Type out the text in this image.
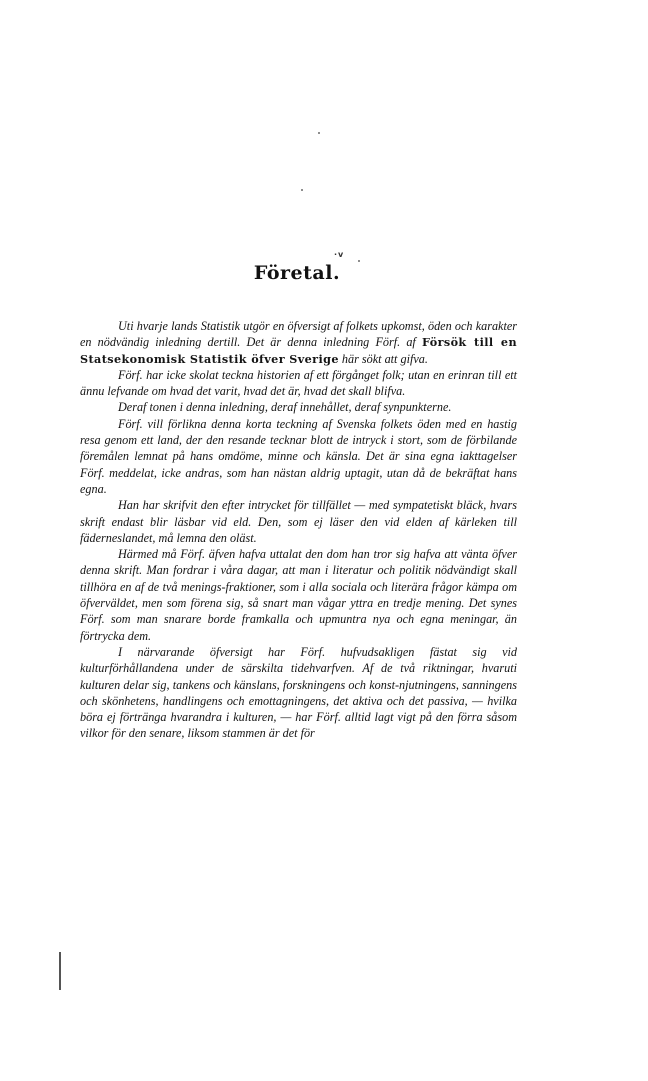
·v
Företal.

Uti hvarje lands Statistik utgör en öfversigt af folkets upkomst, öden och karakter en nödvändig inledning dertill. Det är denna inledning Förf. af Försök till en Statsekonomisk Statistik öfver Sverige här sökt att gifva.

Förf. har icke skolat teckna historien af ett förgånget folk; utan en erinran till ett ännu lefvande om hvad det varit, hvad det är, hvad det skall blifva.

Deraf tonen i denna inledning, deraf innehållet, deraf synpunkterne.

Förf. vill förlikna denna korta teckning af Svenska folkets öden med en hastig resa genom ett land, der den resande tecknar blott de intryck i stort, som de förbilande föremålen lemnat på hans omdöme, minne och känsla. Det är sina egna iakttagelser Förf. meddelat, icke andras, som han nästan aldrig uptagit, utan då de bekräftat hans egna.

Han har skrifvit den efter intrycket för tillfället — med sympatetiskt bläck, hvars skrift endast blir läsbar vid eld. Den, som ej läser den vid elden af kärleken till fäderneslandet, må lemna den oläst.

Härmed må Förf. äfven hafva uttalat den dom han tror sig hafva att vänta öfver denna skrift. Man fordrar i våra dagar, att man i literatur och politik nödvändigt skall tillhöra en af de två menings-fraktioner, som i alla sociala och literära frågor kämpa om öfverväldet, men som förena sig, så snart man vågar yttra en tredje mening. Det synes Förf. som man snarare borde framkalla och upmuntra nya och egna meningar, än förtrycka dem.

I närvarande öfversigt har Förf. hufvudsakligen fästat sig vid kulturförhållandena under de särskilta tidehvarfven. Af de två riktningar, hvaruti kulturen delar sig, tankens och känslans, forskningens och konst-njutningens, sanningens och skönhetens, handlingens och emottagningens, det aktiva och det passiva, — hvilka böra ej förtränga hvarandra i kulturen, — har Förf. alltid lagt vigt på den förra såsom vilkor för den senare, liksom stammen är det för
